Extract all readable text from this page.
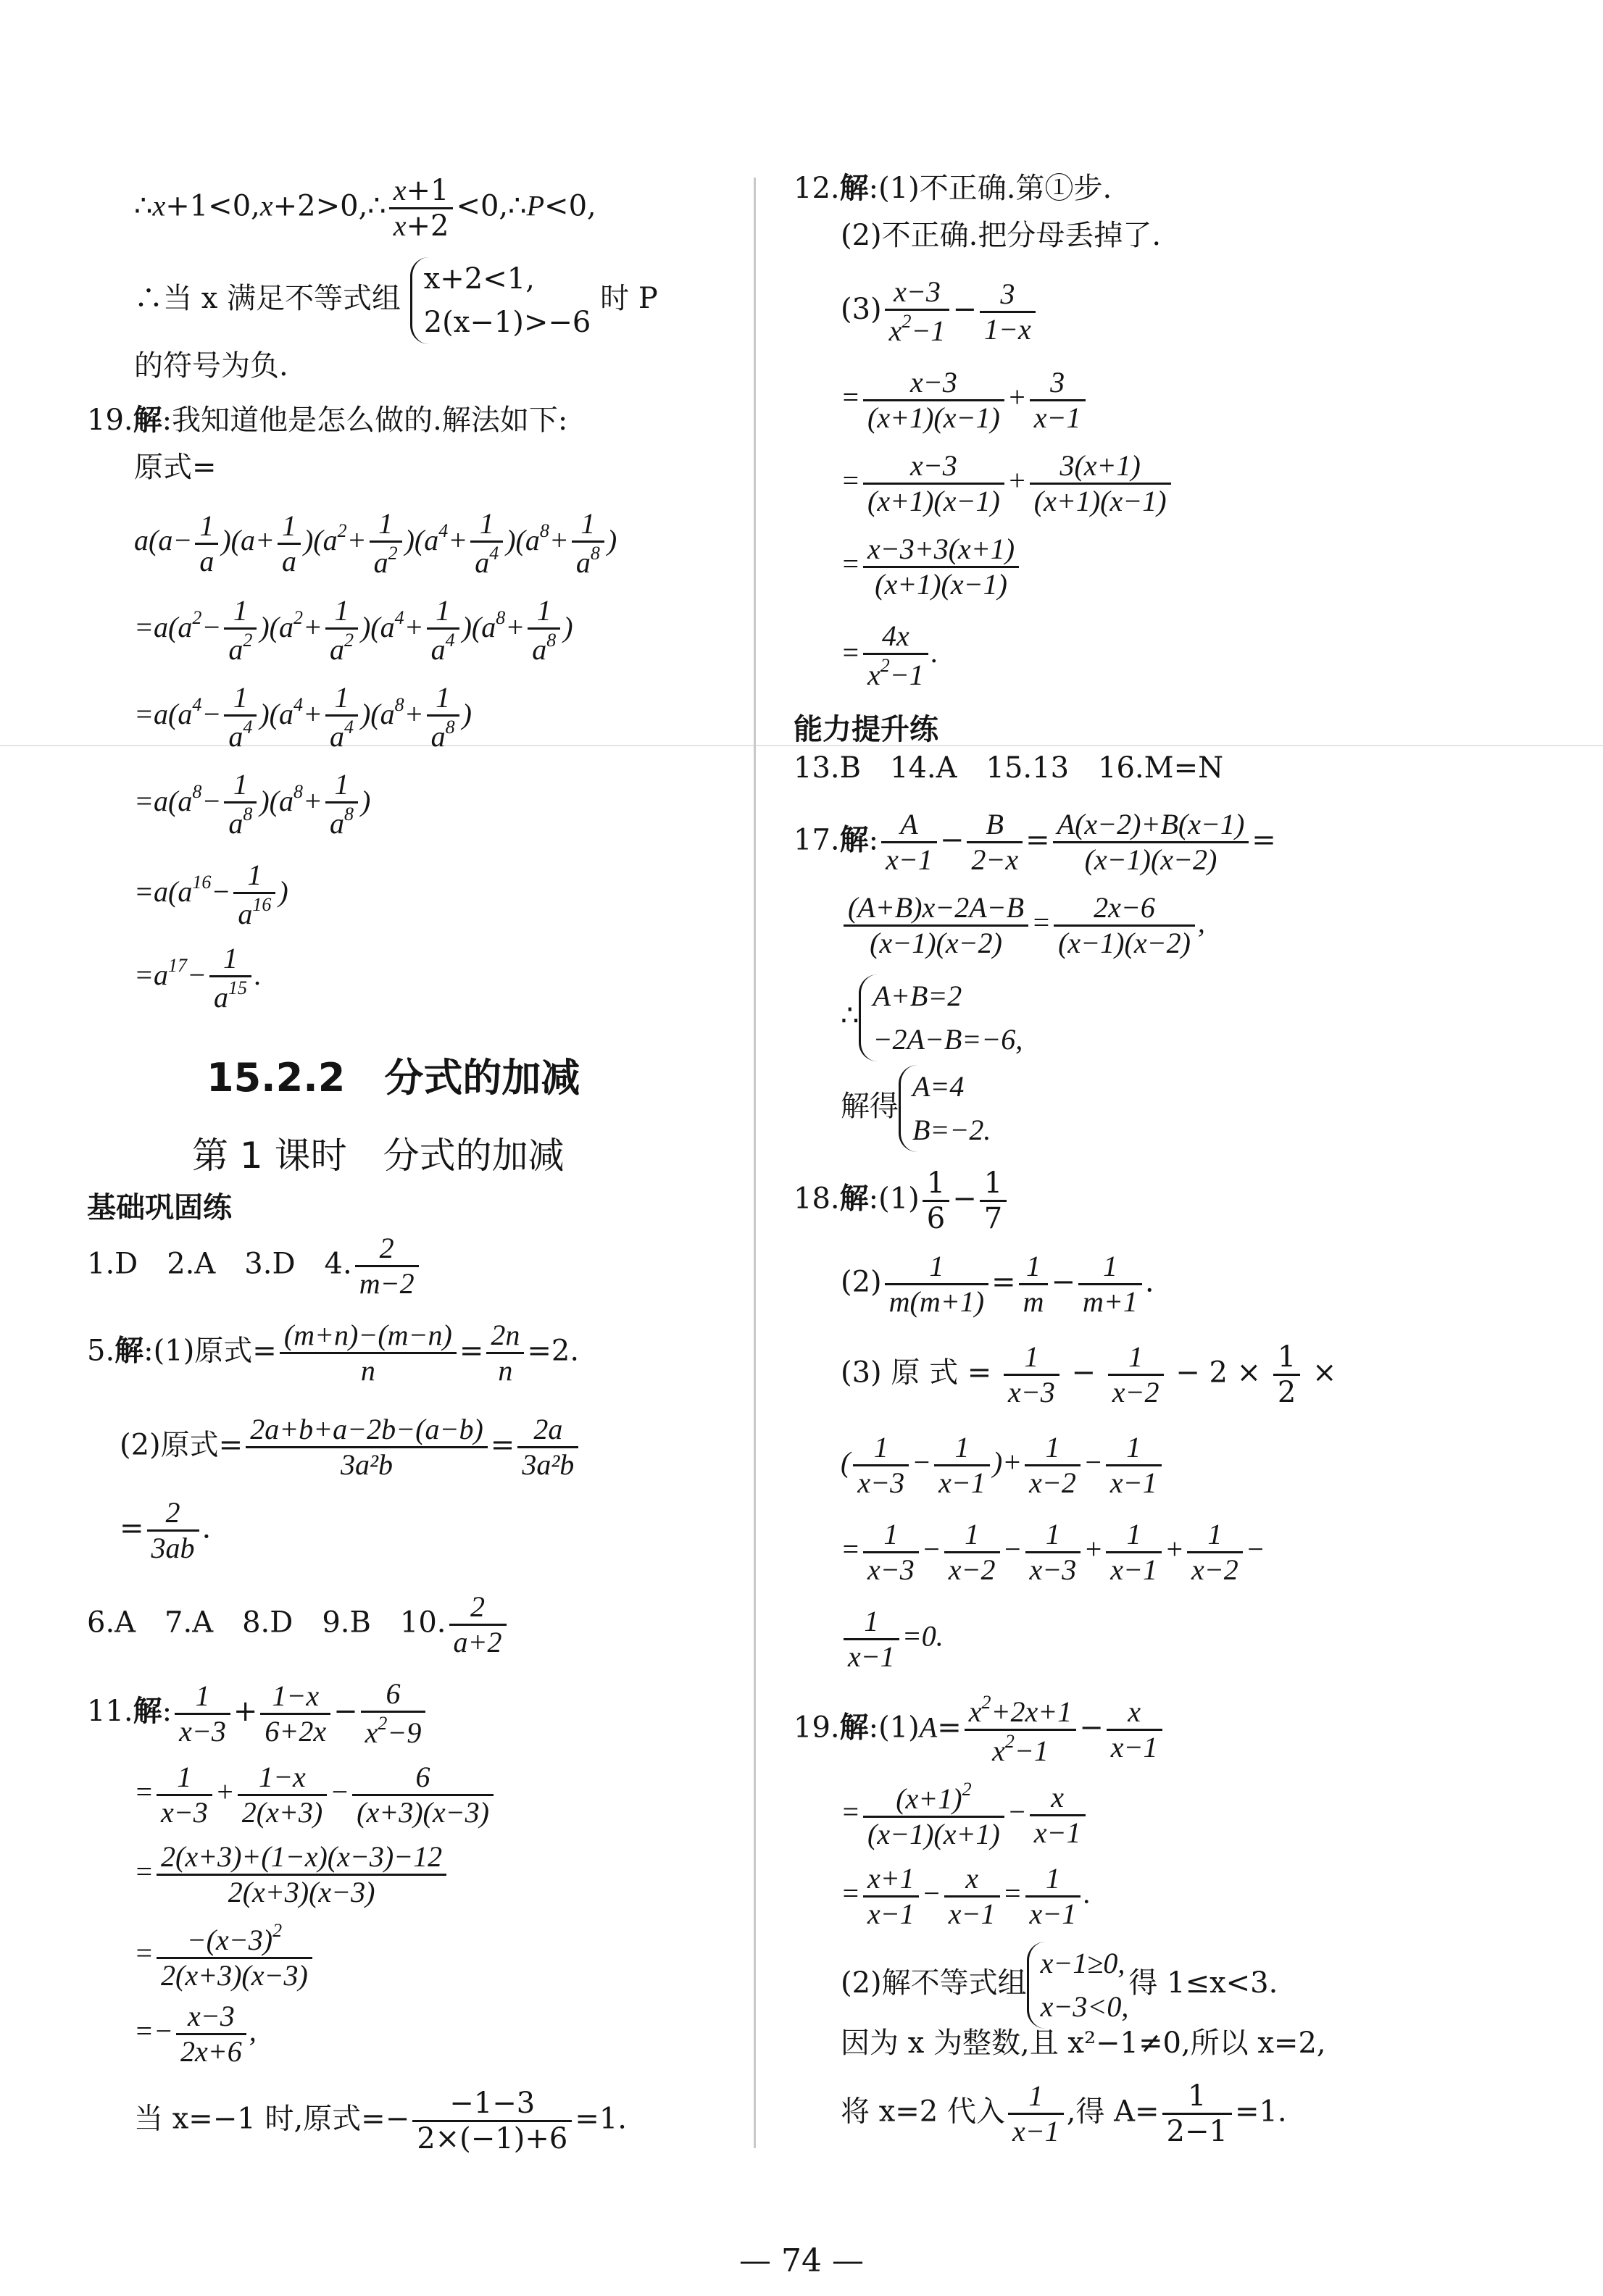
∴x+1<0,x+2>0,∴ $\frac{x+1}{x+2}$ <0,∴P<0,
∴当 x 满足不等式组
x+2<1,
2(x−1)>−6
时 P
的符号为负.
19.解:我知道他是怎么做的.解法如下:
原式=
$a(a- \frac{1}{a} )(a+ \frac{1}{a} )(a^2+ \frac{1}{a^2} )(a^4+ \frac{1}{a^4} )(a^8+ \frac{1}{a^8}$ )
$=a(a^2- \frac{1}{a^2} )(a^2+ \frac{1}{a^2} )(a^4+ \frac{1}{a^4} )(a^8+ \frac{1}{a^8}$ )
$=a(a^4- \frac{1}{a^4} )(a^4+ \frac{1}{a^4} )(a^8+ \frac{1}{a^8}$ )
$=a(a^8- \frac{1}{a^8} )(a^8+ \frac{1}{a^8}$ )
$=a(a^{16}- \frac{1}{a^{16}}$ )
$=a^{17}- \frac{1}{a^{15}}$ .
15.2.2　分式的加减
第 1 课时　分式的加减
基础巩固练
1.D　2.A　3.D　4. $\frac{2}{m-2}$
5.解:(1)原式= $\frac{(m+n)-(m-n)}{n} = \frac{2n}{n} =2$.
(2)原式= $\frac{2a+b+a-2b-(a-b)}{\text{3a²b}} = \frac{2a}{\text{3a²b}}$
= $\frac{2}{3ab}$ .
6.A　7.A　8.D　9.B　10. $\frac{2}{a+2}$
11.解: $\frac{1}{x-3} + \frac{1-x}{6+2x} - \frac{6}{x^2-9}$
= $\frac{1}{x-3} + \frac{1-x}{2(x+3)} - \frac{6}{(x+3)(x-3)}$
= $\frac{2(x+3)+(1-x)(x-3)-12}{2(x+3)(x-3)}$
= $\frac{-(x-3)^2}{2(x+3)(x-3)}$
=− $\frac{x-3}{2x+6}$ ,
当 x=−1 时,原式=− $\frac{-1-3}{2\times(-1)+6} =1$.
12.解:(1)不正确.第①步.
(2)不正确.把分母丢掉了.
$(3) \frac{x-3}{x^2-1} - \frac{3}{1-x}$
= $\frac{x-3}{(x+1)(x-1)} + \frac{3}{x-1}$
= $\frac{x-3}{(x+1)(x-1)} + \frac{3(x+1)}{(x+1)(x-1)}$
= $\frac{x-3+3(x+1)}{(x+1)(x-1)}$
= $\frac{4x}{x^2-1}$ .
能力提升练
13.B　14.A　15.13　16.M=N
17.解: $\frac{A}{x-1} - \frac{B}{2-x} = \frac{A(x-2)+B(x-1)}{(x-1)(x-2)}$ =
$\frac{(A+B)x-2A-B}{(x-1)(x-2)} = \frac{2x-6}{(x-1)(x-2)}$ ,
∴
A+B=2
−2A−B=−6,
解得
A=4
B=−2.
18.解:(1) $\frac{1}{6} - \frac{1}{7}$
$(2) \frac{1}{m(m+1)} = \frac{1}{m} - \frac{1}{m+1}$ .
(3) 原 式 = $\frac{1}{x-3} - \frac{1}{x-2} - 2 \times \frac{1}{2}$ ×
( $\frac{1}{x-3} - \frac{1}{x-1}$ )+ $\frac{1}{x-2} - \frac{1}{x-1}$
= $\frac{1}{x-3} - \frac{1}{x-2} - \frac{1}{x-3} + \frac{1}{x-1} + \frac{1}{x-2}$ −
$\frac{1}{x-1} =0$.
19.解:(1)A= $\frac{x^2+2x+1}{x^2-1} - \frac{x}{x-1}$
= $\frac{(x+1)^2}{(x-1)(x+1)} - \frac{x}{x-1}$
= $\frac{x+1}{x-1} - \frac{x}{x-1} = \frac{1}{x-1}$ .
(2)解不等式组
x−1≥0,
x−3<0,
得 1≤x<3.
因为 x 为整数,且 x²−1≠0,所以 x=2,
将 x=2 代入 $\frac{1}{x-1}$ ,得 $A= \frac{1}{2-1} =1$.
— 74 —
